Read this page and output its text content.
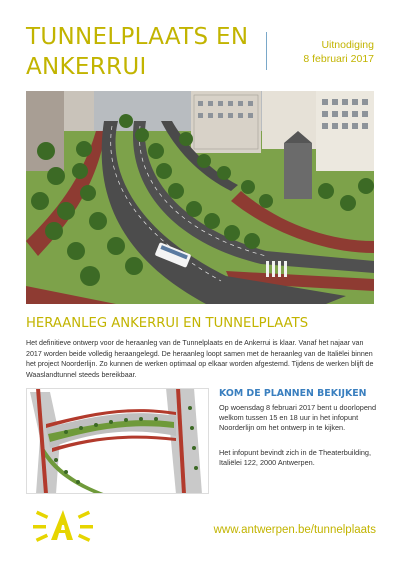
TUNNELPLAATS EN ANKERRUI
Uitnodiging
8 februari 2017
HERAANLEG ANKERRUI EN TUNNELPLAATS

Het definitieve ontwerp voor de heraanleg van de Tunnelplaats en de Ankerrui is klaar. Vanaf het najaar van 2017 worden beide volledig heraangelegd. De heraanleg loopt samen met de heraanleg van de Italiëlei binnen het project Noorderlijn. Zo kunnen de werken optimaal op elkaar worden afgestemd. Tijdens de werken blijft de Waaslandtunnel steeds bereikbaar.

KOM DE PLANNEN BEKIJKEN

Op woensdag 8 februari 2017 bent u doorlopend welkom tussen 15 en 18 uur in het infopunt Noorderlijn om het ontwerp in te kijken.

Het infopunt bevindt zich in de Theaterbuilding, Italiëlei 122, 2000 Antwerpen.

www.antwerpen.be/tunnelplaats
